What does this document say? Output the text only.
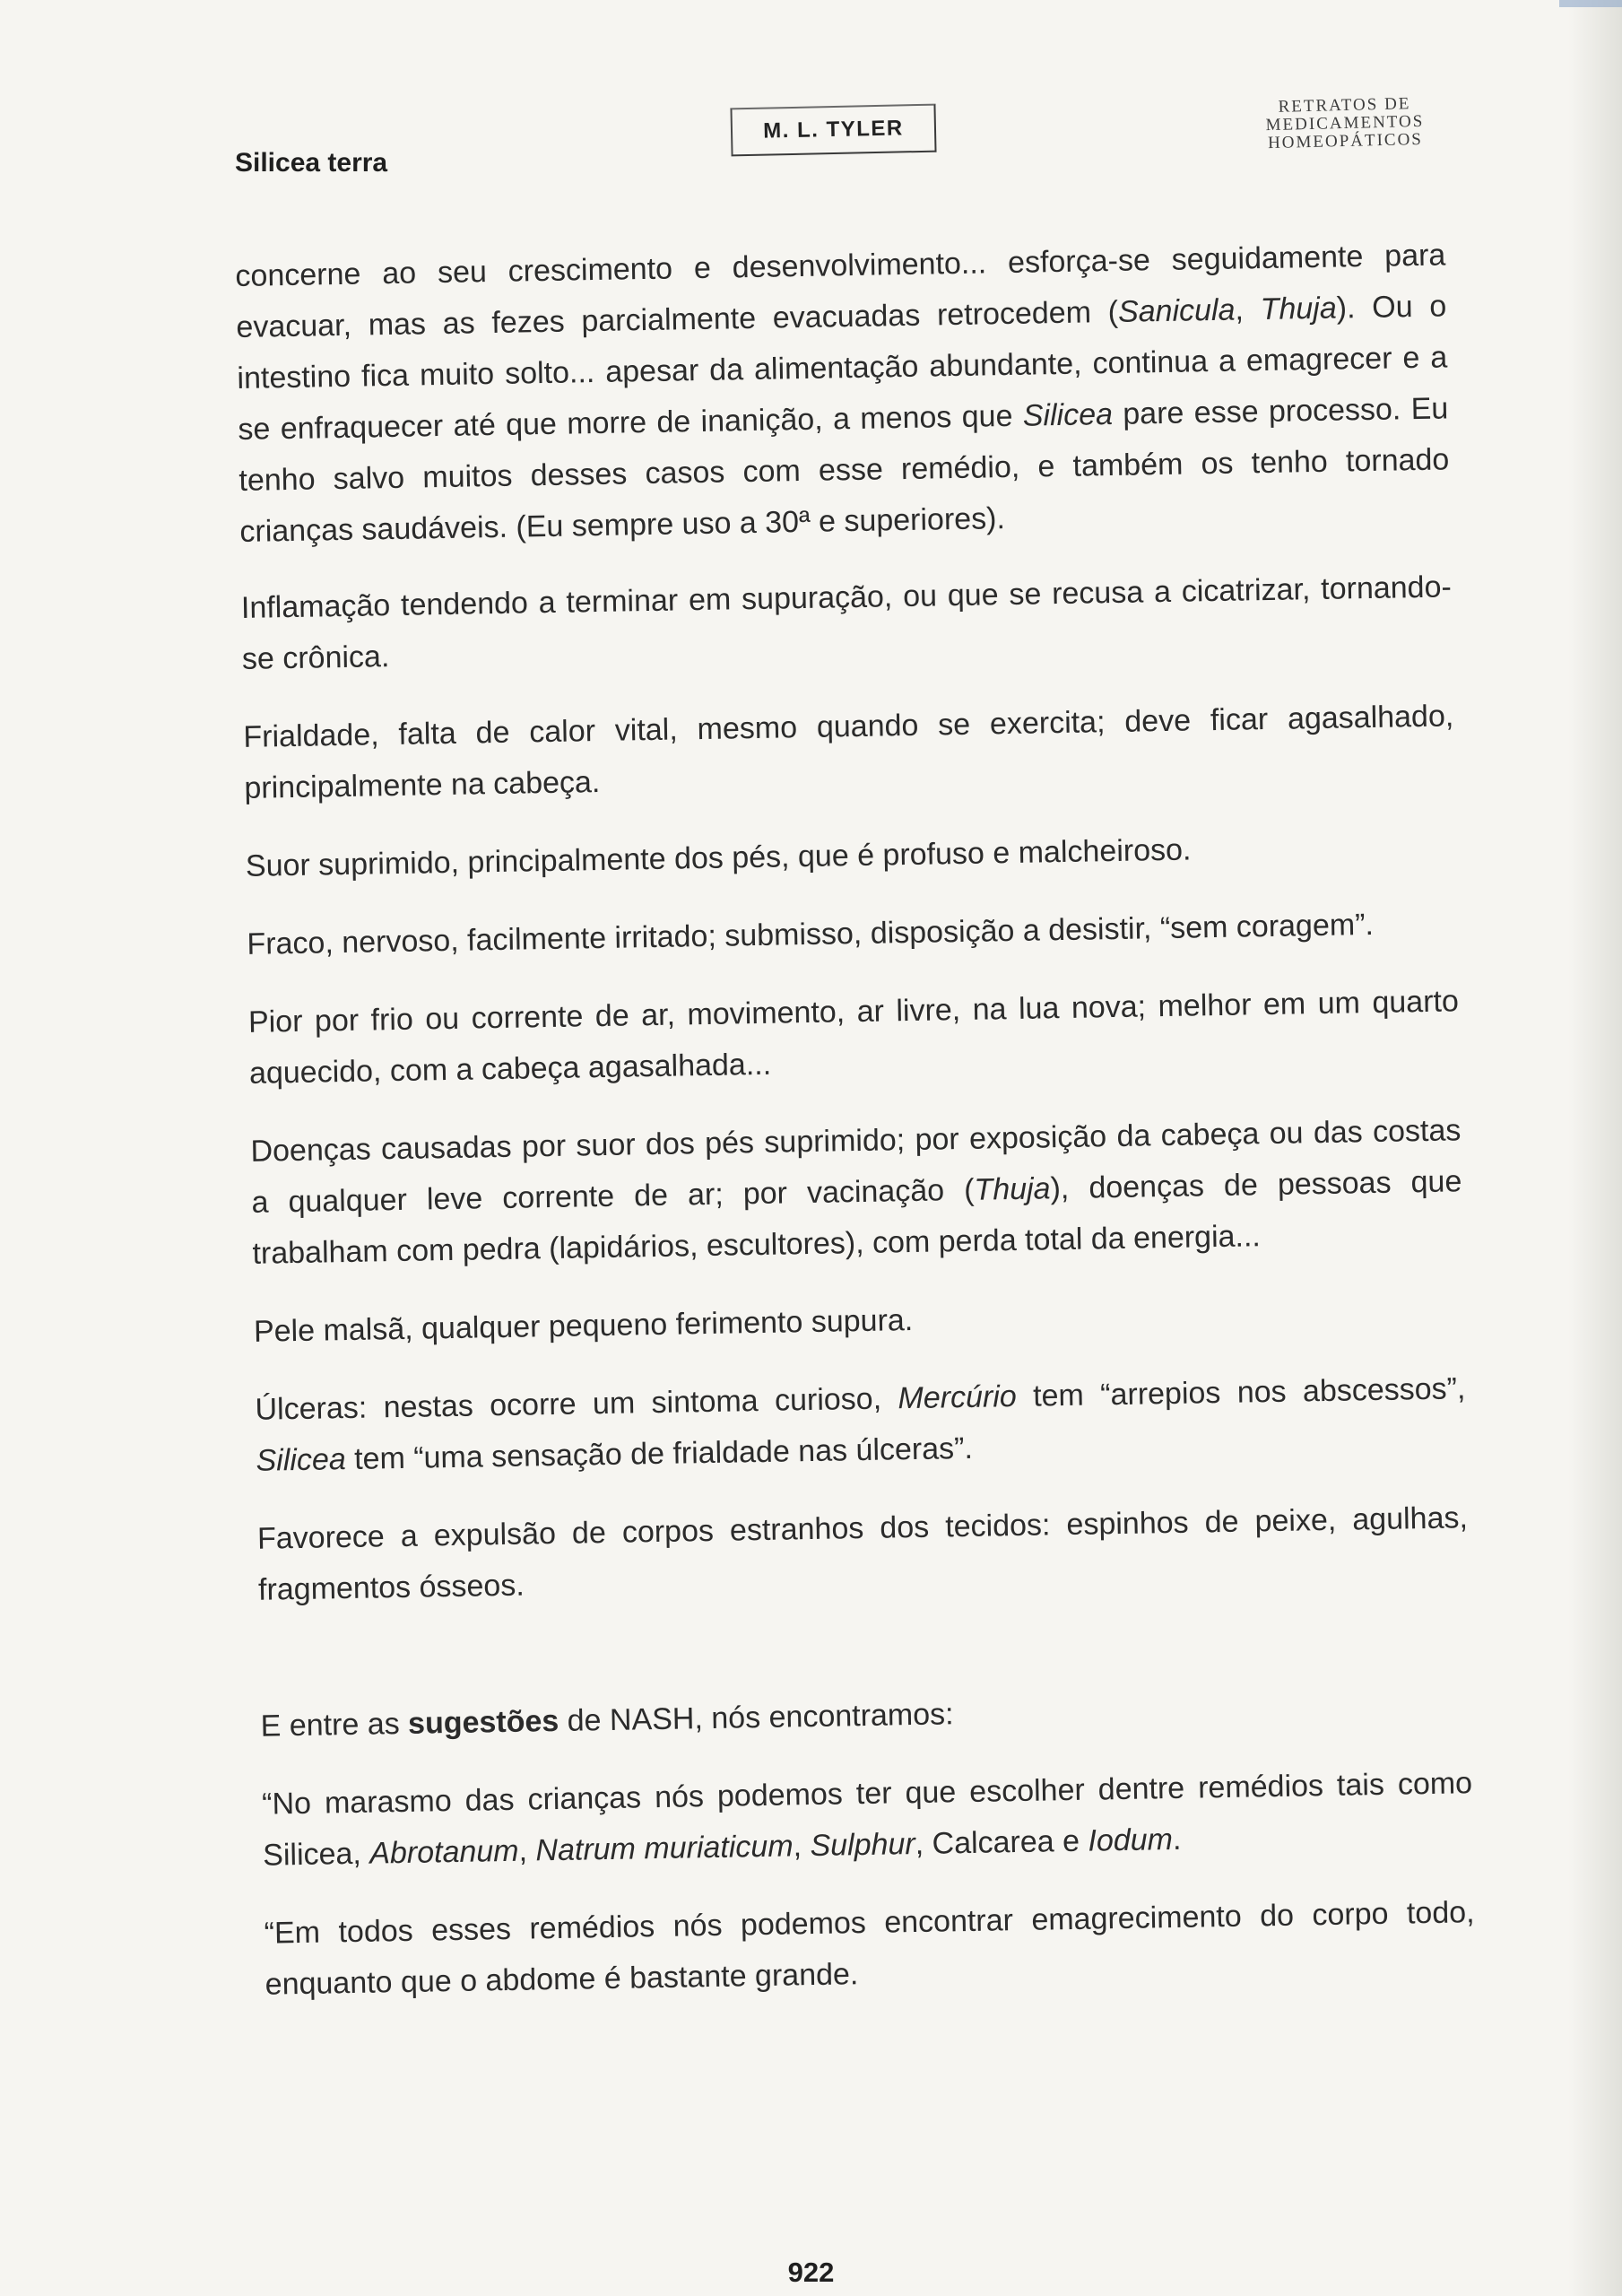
Silicea terra
M. L. TYLER
RETRATOS DE
MEDICAMENTOS
HOMEOPÁTICOS

concerne ao seu crescimento e desenvolvimento... esforça-se seguidamente para evacuar, mas as fezes parcialmente evacuadas retrocedem (Sanicula, Thuja). Ou o intestino fica muito solto... apesar da alimentação abundante, continua a emagrecer e a se enfraquecer até que morre de inanição, a menos que Silicea pare esse processo. Eu tenho salvo muitos desses casos com esse remédio, e também os tenho tornado crianças saudáveis. (Eu sempre uso a 30ª e superiores).

Inflamação tendendo a terminar em supuração, ou que se recusa a cicatrizar, tornando-se crônica.

Frialdade, falta de calor vital, mesmo quando se exercita; deve ficar agasalhado, principalmente na cabeça.

Suor suprimido, principalmente dos pés, que é profuso e malcheiroso.

Fraco, nervoso, facilmente irritado; submisso, disposição a desistir, “sem coragem”.

Pior por frio ou corrente de ar, movimento, ar livre, na lua nova; melhor em um quarto aquecido, com a cabeça agasalhada...

Doenças causadas por suor dos pés suprimido; por exposição da cabeça ou das costas a qualquer leve corrente de ar; por vacinação (Thuja), doenças de pessoas que trabalham com pedra (lapidários, escultores), com perda total da energia...

Pele malsã, qualquer pequeno ferimento supura.

Úlceras: nestas ocorre um sintoma curioso, Mercúrio tem “arrepios nos abscessos”, Silicea tem “uma sensação de frialdade nas úlceras”.

Favorece a expulsão de corpos estranhos dos tecidos: espinhos de peixe, agulhas, fragmentos ósseos.

E entre as sugestões de NASH, nós encontramos:

“No marasmo das crianças nós podemos ter que escolher dentre remédios tais como Silicea, Abrotanum, Natrum muriaticum, Sulphur, Calcarea e Iodum.

“Em todos esses remédios nós podemos encontrar emagrecimento do corpo todo, enquanto que o abdome é bastante grande.

922
